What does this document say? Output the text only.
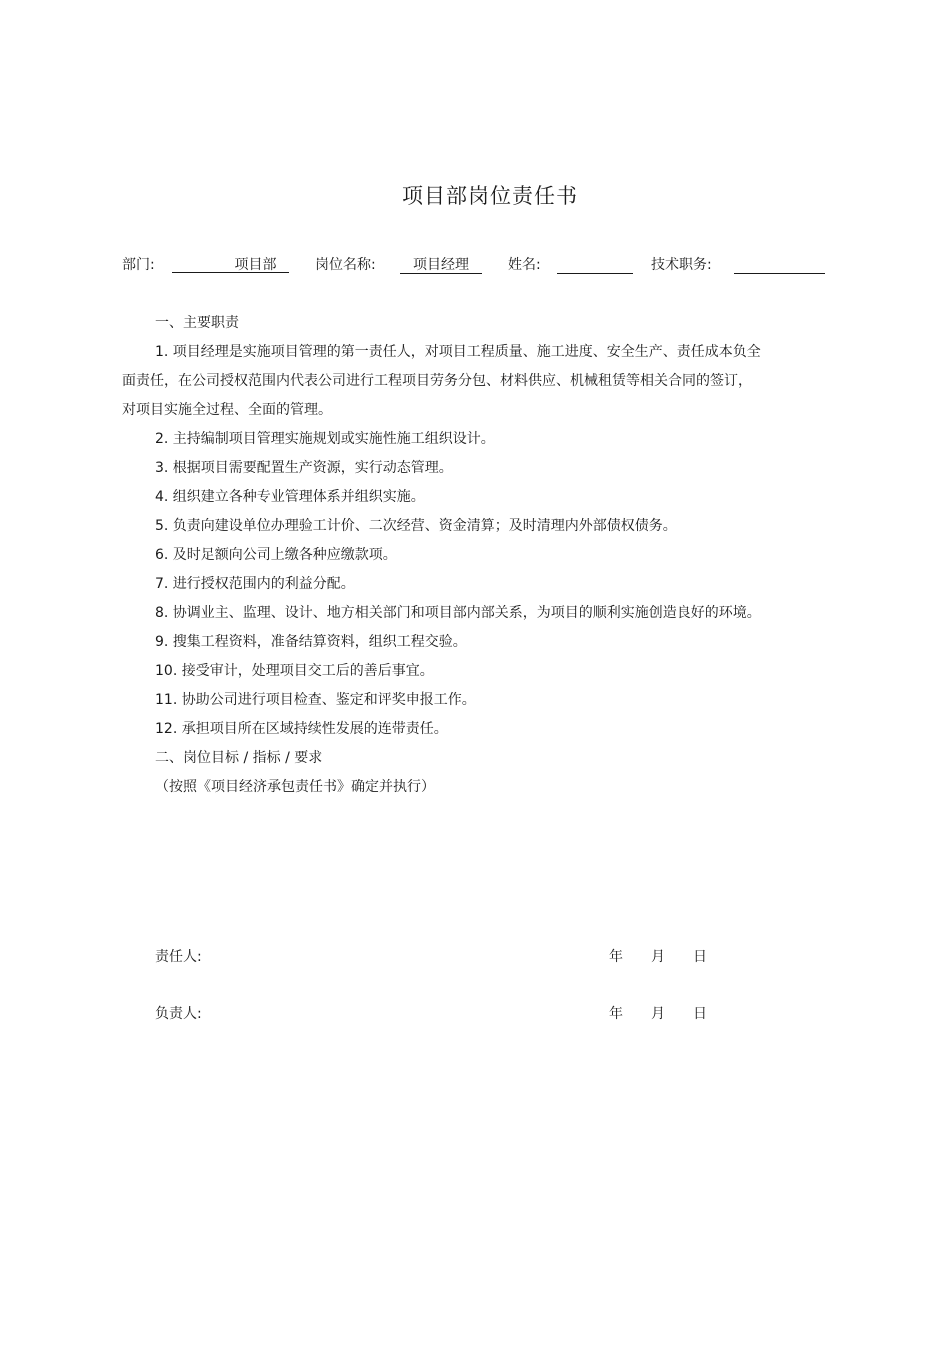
项目部岗位责任书
部门:	项目部	岗位名称:	项目经理	姓名:	技术职务:

一、主要职责

1. 项目经理是实施项目管理的第一责任人，对项目工程质量、施工进度、安全生产、责任成本负全面责任，在公司授权范围内代表公司进行工程项目劳务分包、材料供应、机械租赁等相关合同的签订，对项目实施全过程、全面的管理。

2. 主持编制项目管理实施规划或实施性施工组织设计。

3. 根据项目需要配置生产资源，实行动态管理。

4. 组织建立各种专业管理体系并组织实施。

5. 负责向建设单位办理验工计价、二次经营、资金清算；及时清理内外部债权债务。

6. 及时足额向公司上缴各种应缴款项。

7. 进行授权范围内的利益分配。

8. 协调业主、监理、设计、地方相关部门和项目部内部关系，为项目的顺利实施创造良好的环境。

9. 搜集工程资料，准备结算资料，组织工程交验。

10. 接受审计，处理项目交工后的善后事宜。

11. 协助公司进行项目检查、鉴定和评奖申报工作。

12. 承担项目所在区域持续性发展的连带责任。

二、岗位目标 / 指标 / 要求

（按照《项目经济承包责任书》确定并执行）

责任人:	年 月 日
负责人:	年 月 日
